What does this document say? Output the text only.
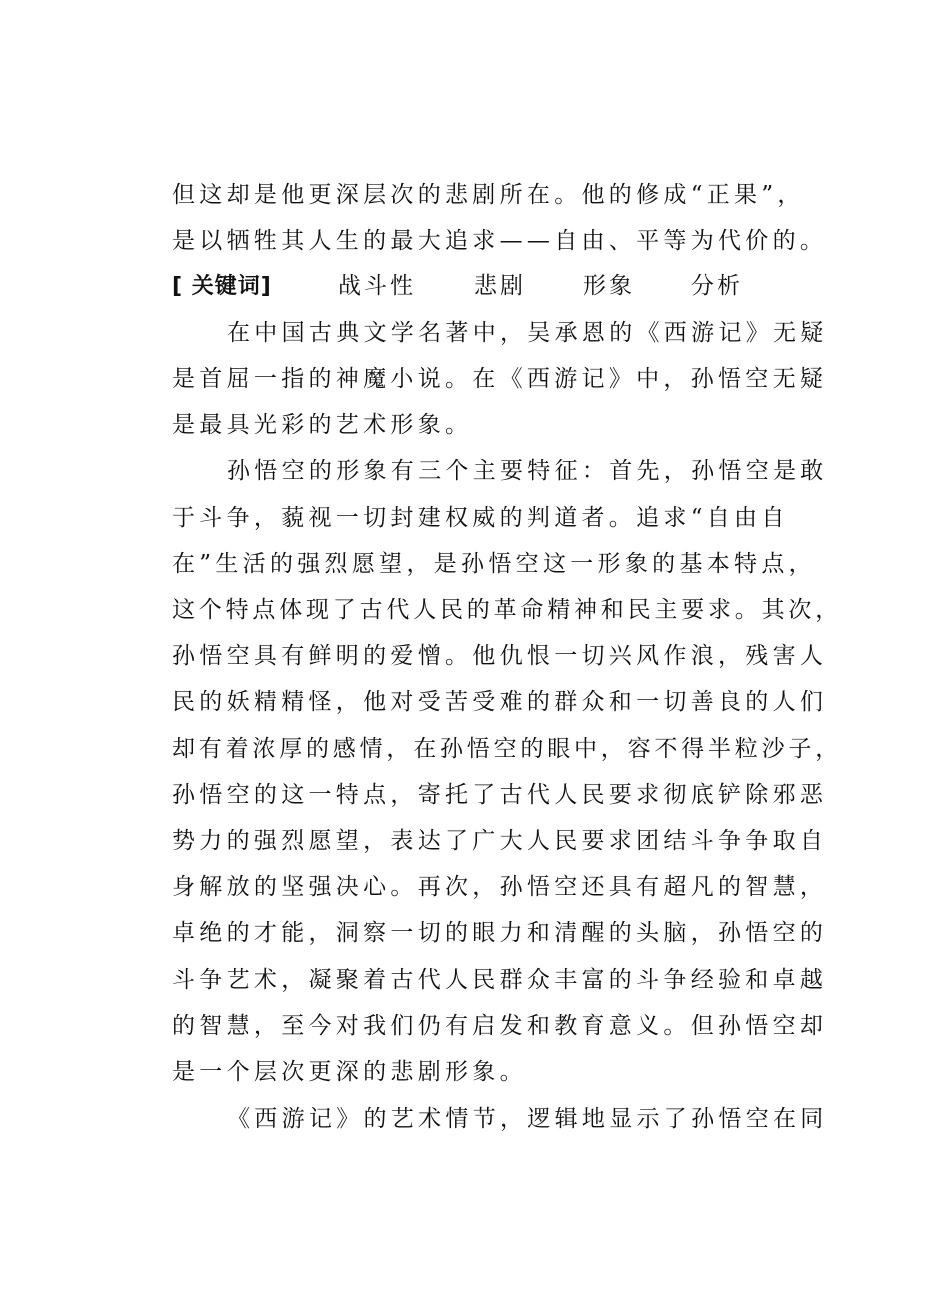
但这却是他更深层次的悲剧所在。他的修成“正果”，
是以牺牲其人生的最大追求——自由、平等为代价的。
[ 关键词]	战斗性	悲剧 形象 分析
在中国古典文学名著中，吴承恩的《西游记》无疑
是首屈一指的神魔小说。在《西游记》中，孙悟空无疑
是最具光彩的艺术形象。
孙悟空的形象有三个主要特征：首先，孙悟空是敢
于斗争，藐视一切封建权威的判道者。追求“自由自
在”生活的强烈愿望，是孙悟空这一形象的基本特点，
这个特点体现了古代人民的革命精神和民主要求。其次，
孙悟空具有鲜明的爱憎。他仇恨一切兴风作浪，残害人
民的妖精精怪，他对受苦受难的群众和一切善良的人们
却有着浓厚的感情，在孙悟空的眼中，容不得半粒沙子，
孙悟空的这一特点，寄托了古代人民要求彻底铲除邪恶
势力的强烈愿望，表达了广大人民要求团结斗争争取自
身解放的坚强决心。再次，孙悟空还具有超凡的智慧，
卓绝的才能，洞察一切的眼力和清醒的头脑，孙悟空的
斗争艺术，凝聚着古代人民群众丰富的斗争经验和卓越
的智慧，至今对我们仍有启发和教育意义。但孙悟空却
是一个层次更深的悲剧形象。
《西游记》的艺术情节，逻辑地显示了孙悟空在同
